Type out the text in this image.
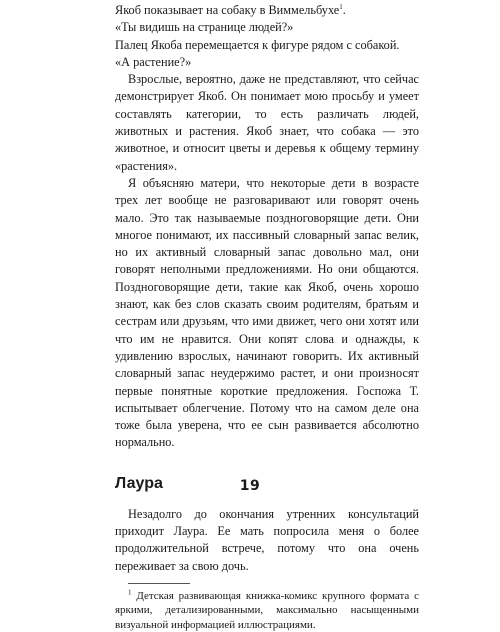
Якоб показывает на собаку в Виммельбухе$^1$.

«Ты видишь на странице людей?»

Палец Якоба перемещается к фигуре рядом с собакой.

«А растение?»

Взрослые, вероятно, даже не представляют, что сейчас демонстрирует Якоб. Он понимает мою просьбу и умеет составлять категории, то есть различать людей, животных и растения. Якоб знает, что собака — это животное, и относит цветы и деревья к общему термину «растения».

Я объясняю матери, что некоторые дети в возрасте трех лет вообще не разговаривают или говорят очень мало. Это так называемые поздноговорящие дети. Они многое понимают, их пассивный словарный запас велик, но их активный словарный запас довольно мал, они говорят неполными предложениями. Но они общаются. Поздноговорящие дети, такие как Якоб, очень хорошо знают, как без слов сказать своим родителям, братьям и сестрам или друзьям, что ими движет, чего они хотят или что им не нравится. Они копят слова и однажды, к удивлению взрослых, начинают говорить. Их активный словарный запас неудержимо растет, и они произносят первые понятные короткие предложения. Госпожа Т. испытывает облегчение. Потому что на самом деле она тоже была уверена, что ее сын развивается абсолютно нормально.

Лаура

Незадолго до окончания утренних консультаций приходит Лаура. Ее мать попросила меня о более продолжительной встрече, потому что она очень переживает за свою дочь.

$^1$ Детская развивающая книжка-комикс крупного формата с яркими, детализированными, максимально насыщенными визуальной информацией иллюстрациями.

19
